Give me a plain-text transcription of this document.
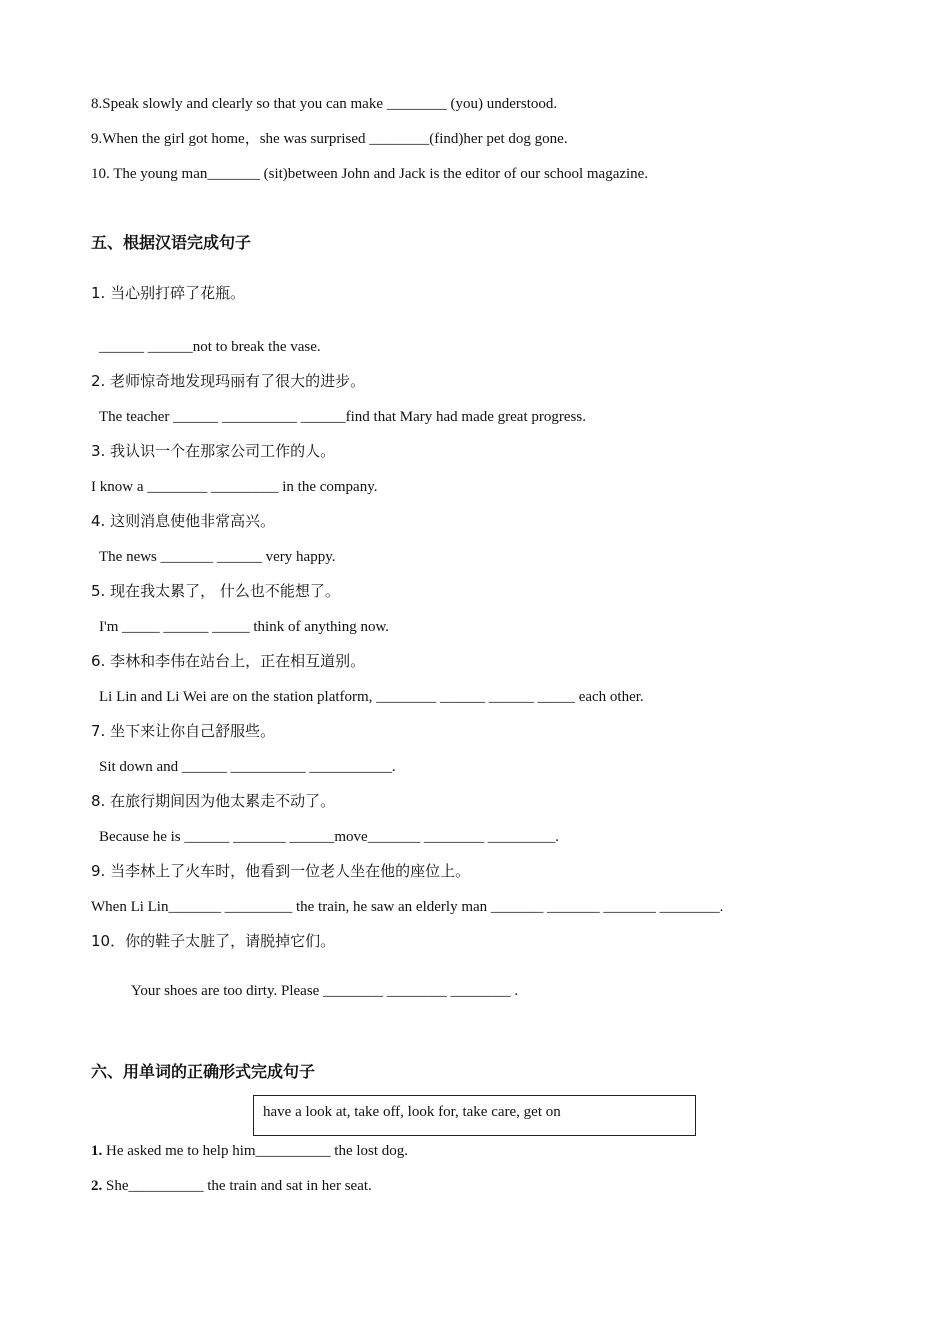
8.Speak slowly and clearly so that you can make ________ (you) understood.
9.When the girl got home，she was surprised ________(find)her pet dog gone.
10. The young man_______ (sit)between John and Jack is the editor of our school magazine.
五、根据汉语完成句子
1. 当心别打碎了花瓶。
______ ______not to break the vase.
2. 老师惊奇地发现玛丽有了很大的进步。
The teacher ______ __________ ______find that Mary had made great progress.
3. 我认识一个在那家公司工作的人。
I know a ________ _________ in the company.
4. 这则消息使他非常高兴。
The news _______ ______ very happy.
5. 现在我太累了， 什么也不能想了。
I'm _____ ______ _____ think of anything now.
6. 李林和李伟在站台上，正在相互道别。
Li Lin and Li Wei are on the station platform, ________ ______ ______ _____ each other.
7. 坐下来让你自己舒服些。
Sit down and ______ __________ ___________.
8. 在旅行期间因为他太累走不动了。
Because he is ______ _______ ______move_______ ________ _________.
9. 当李林上了火车时，他看到一位老人坐在他的座位上。
When Li Lin_______ _________ the train, he saw an elderly man _______ _______ _______ ________.
10．你的鞋子太脏了，请脱掉它们。
Your shoes are too dirty. Please ________ ________ ________ .
六、用单词的正确形式完成句子
have a look at, take off, look for, take care, get on
1. He asked me to help him__________ the lost dog.
2. She__________ the train and sat in her seat.
